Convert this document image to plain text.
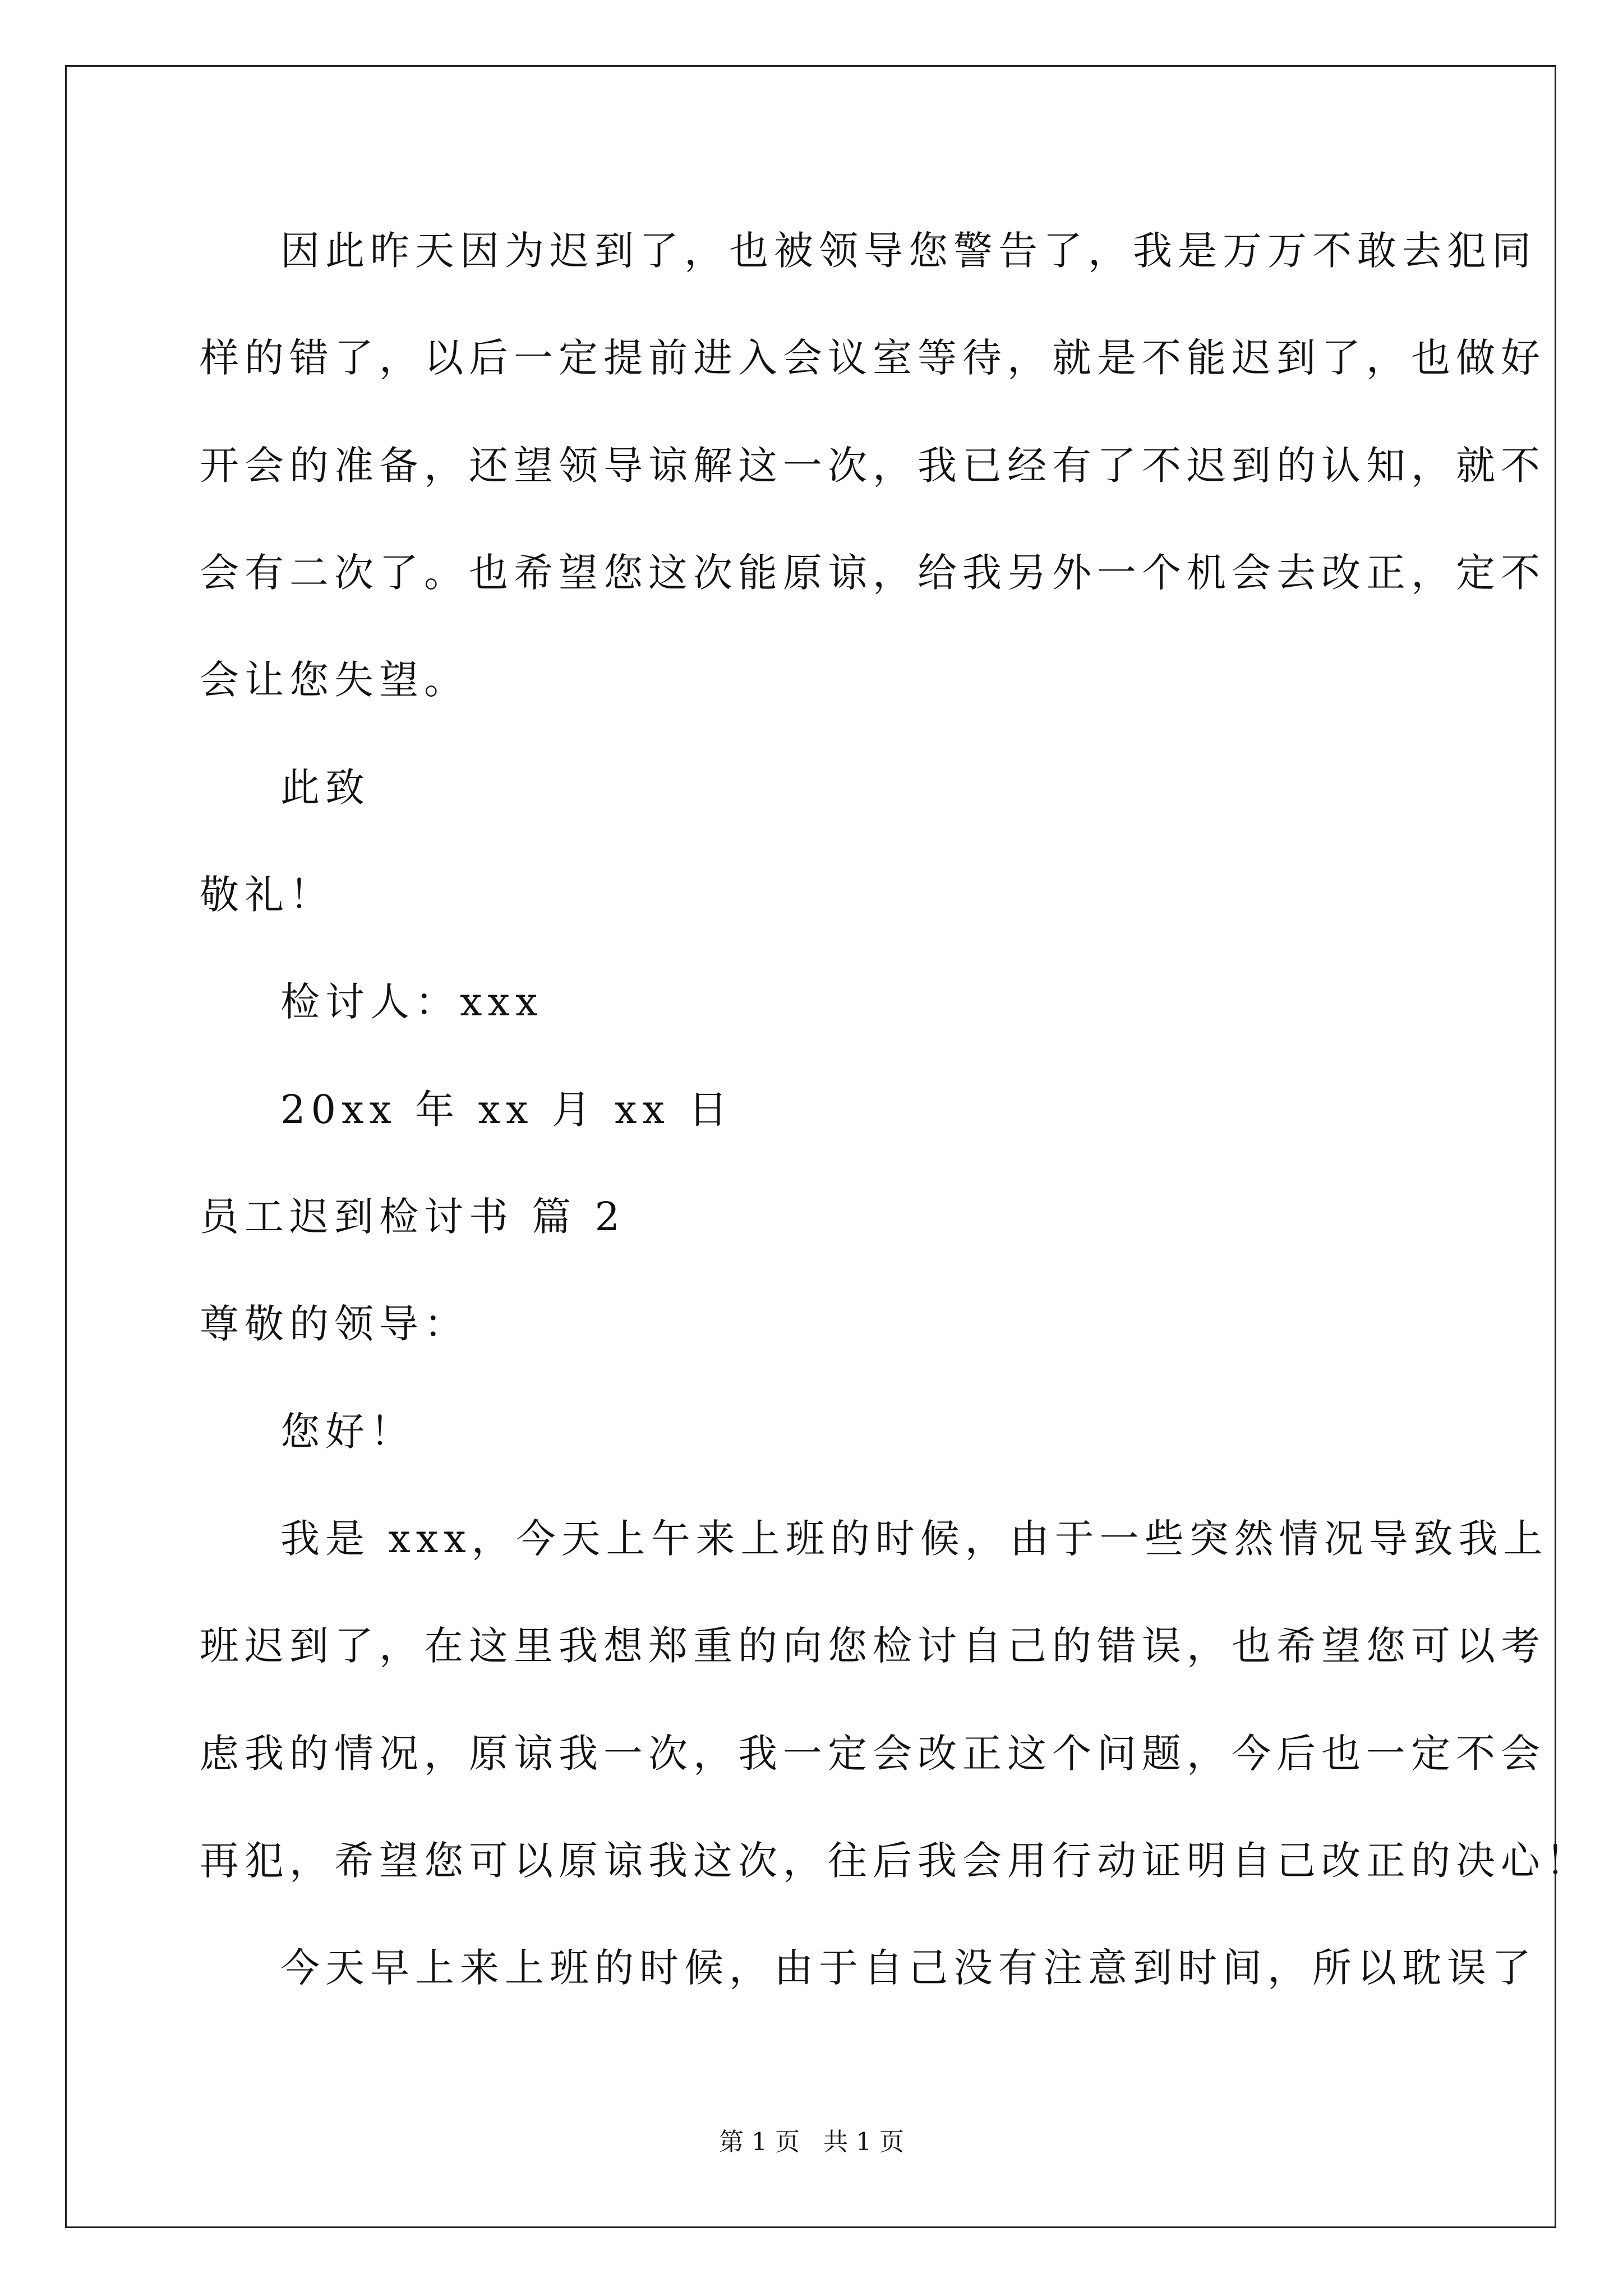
因此昨天因为迟到了，也被领导您警告了，我是万万不敢去犯同
样的错了，以后一定提前进入会议室等待，就是不能迟到了，也做好
开会的准备，还望领导谅解这一次，我已经有了不迟到的认知，就不
会有二次了。也希望您这次能原谅，给我另外一个机会去改正，定不
会让您失望。
此致
敬礼！
检讨人：xxx
20xx 年 xx 月 xx 日
员工迟到检讨书 篇 2
尊敬的领导：
您好！
我是 xxx，今天上午来上班的时候，由于一些突然情况导致我上
班迟到了，在这里我想郑重的向您检讨自己的错误，也希望您可以考
虑我的情况，原谅我一次，我一定会改正这个问题，今后也一定不会
再犯，希望您可以原谅我这次，往后我会用行动证明自己改正的决心！
今天早上来上班的时候，由于自己没有注意到时间，所以耽误了
第 1 页   共 1 页
